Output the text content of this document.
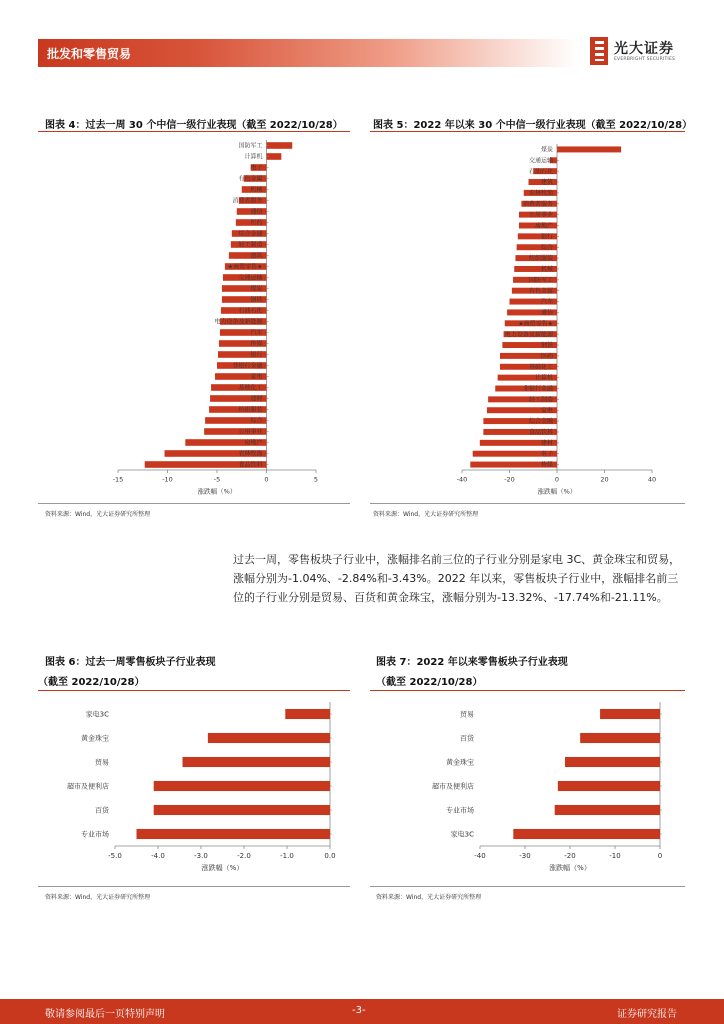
批发和零售贸易	光大证券
EVERBRIGHT SECURITIES
图表 4：过去一周 30 个中信一级行业表现（截至 2022/10/28）
-15	-10	-5	0	5
国防军工
计算机
电子
有色金属
机械
消费者服务
通信
医药
综合金融
轻工制造
建筑
★商贸零售★
交通运输
煤炭
钢铁
石油石化
电力设备及新能源
汽车
传媒
银行
非银行金融
家电
基础化工
建材
纺织服装
综合
公用事业
房地产
农林牧渔
食品饮料
涨跌幅（%）
资料来源：Wind，光大证券研究所整理
图表 5：2022 年以来 30 个中信一级行业表现（截至 2022/10/28）
-40	-20	0	20	40
煤炭
交通运输
石油石化
建筑
农林牧渔
消费者服务
公用事业
房地产
银行
综合
纺织服装
机械
国防军工
有色金属
汽车
通信
★商贸零售★
电力设备及新能源
钢铁
医药
基础化工
计算机
非银行金融
轻工制造
家电
综合金融
食品饮料
建材
电子
传媒
涨跌幅（%）
资料来源：Wind，光大证券研究所整理
过去一周，零售板块子行业中，涨幅排名前三位的子行业分别是家电 3C、黄金珠宝和贸易，涨幅分别为-1.04%、-2.84%和-3.43%。2022 年以来，零售板块子行业中，涨幅排名前三位的子行业分别是贸易、百货和黄金珠宝，涨幅分别为-13.32%、-17.74%和-21.11%。
图表 6：过去一周零售板块子行业表现
（截至 2022/10/28）
-5.0	-4.0	-3.0	-2.0	-1.0	0.0
家电3C
黄金珠宝
贸易
超市及便利店
百货
专业市场
涨跌幅（%）
资料来源：Wind，光大证券研究所整理
图表 7：2022 年以来零售板块子行业表现
（截至 2022/10/28）
-40	-30	-20	-10	0
贸易
百货
黄金珠宝
超市及便利店
专业市场
家电3C
涨跌幅（%）
资料来源：Wind，光大证券研究所整理
敬请参阅最后一页特别声明	-3-	证券研究报告
